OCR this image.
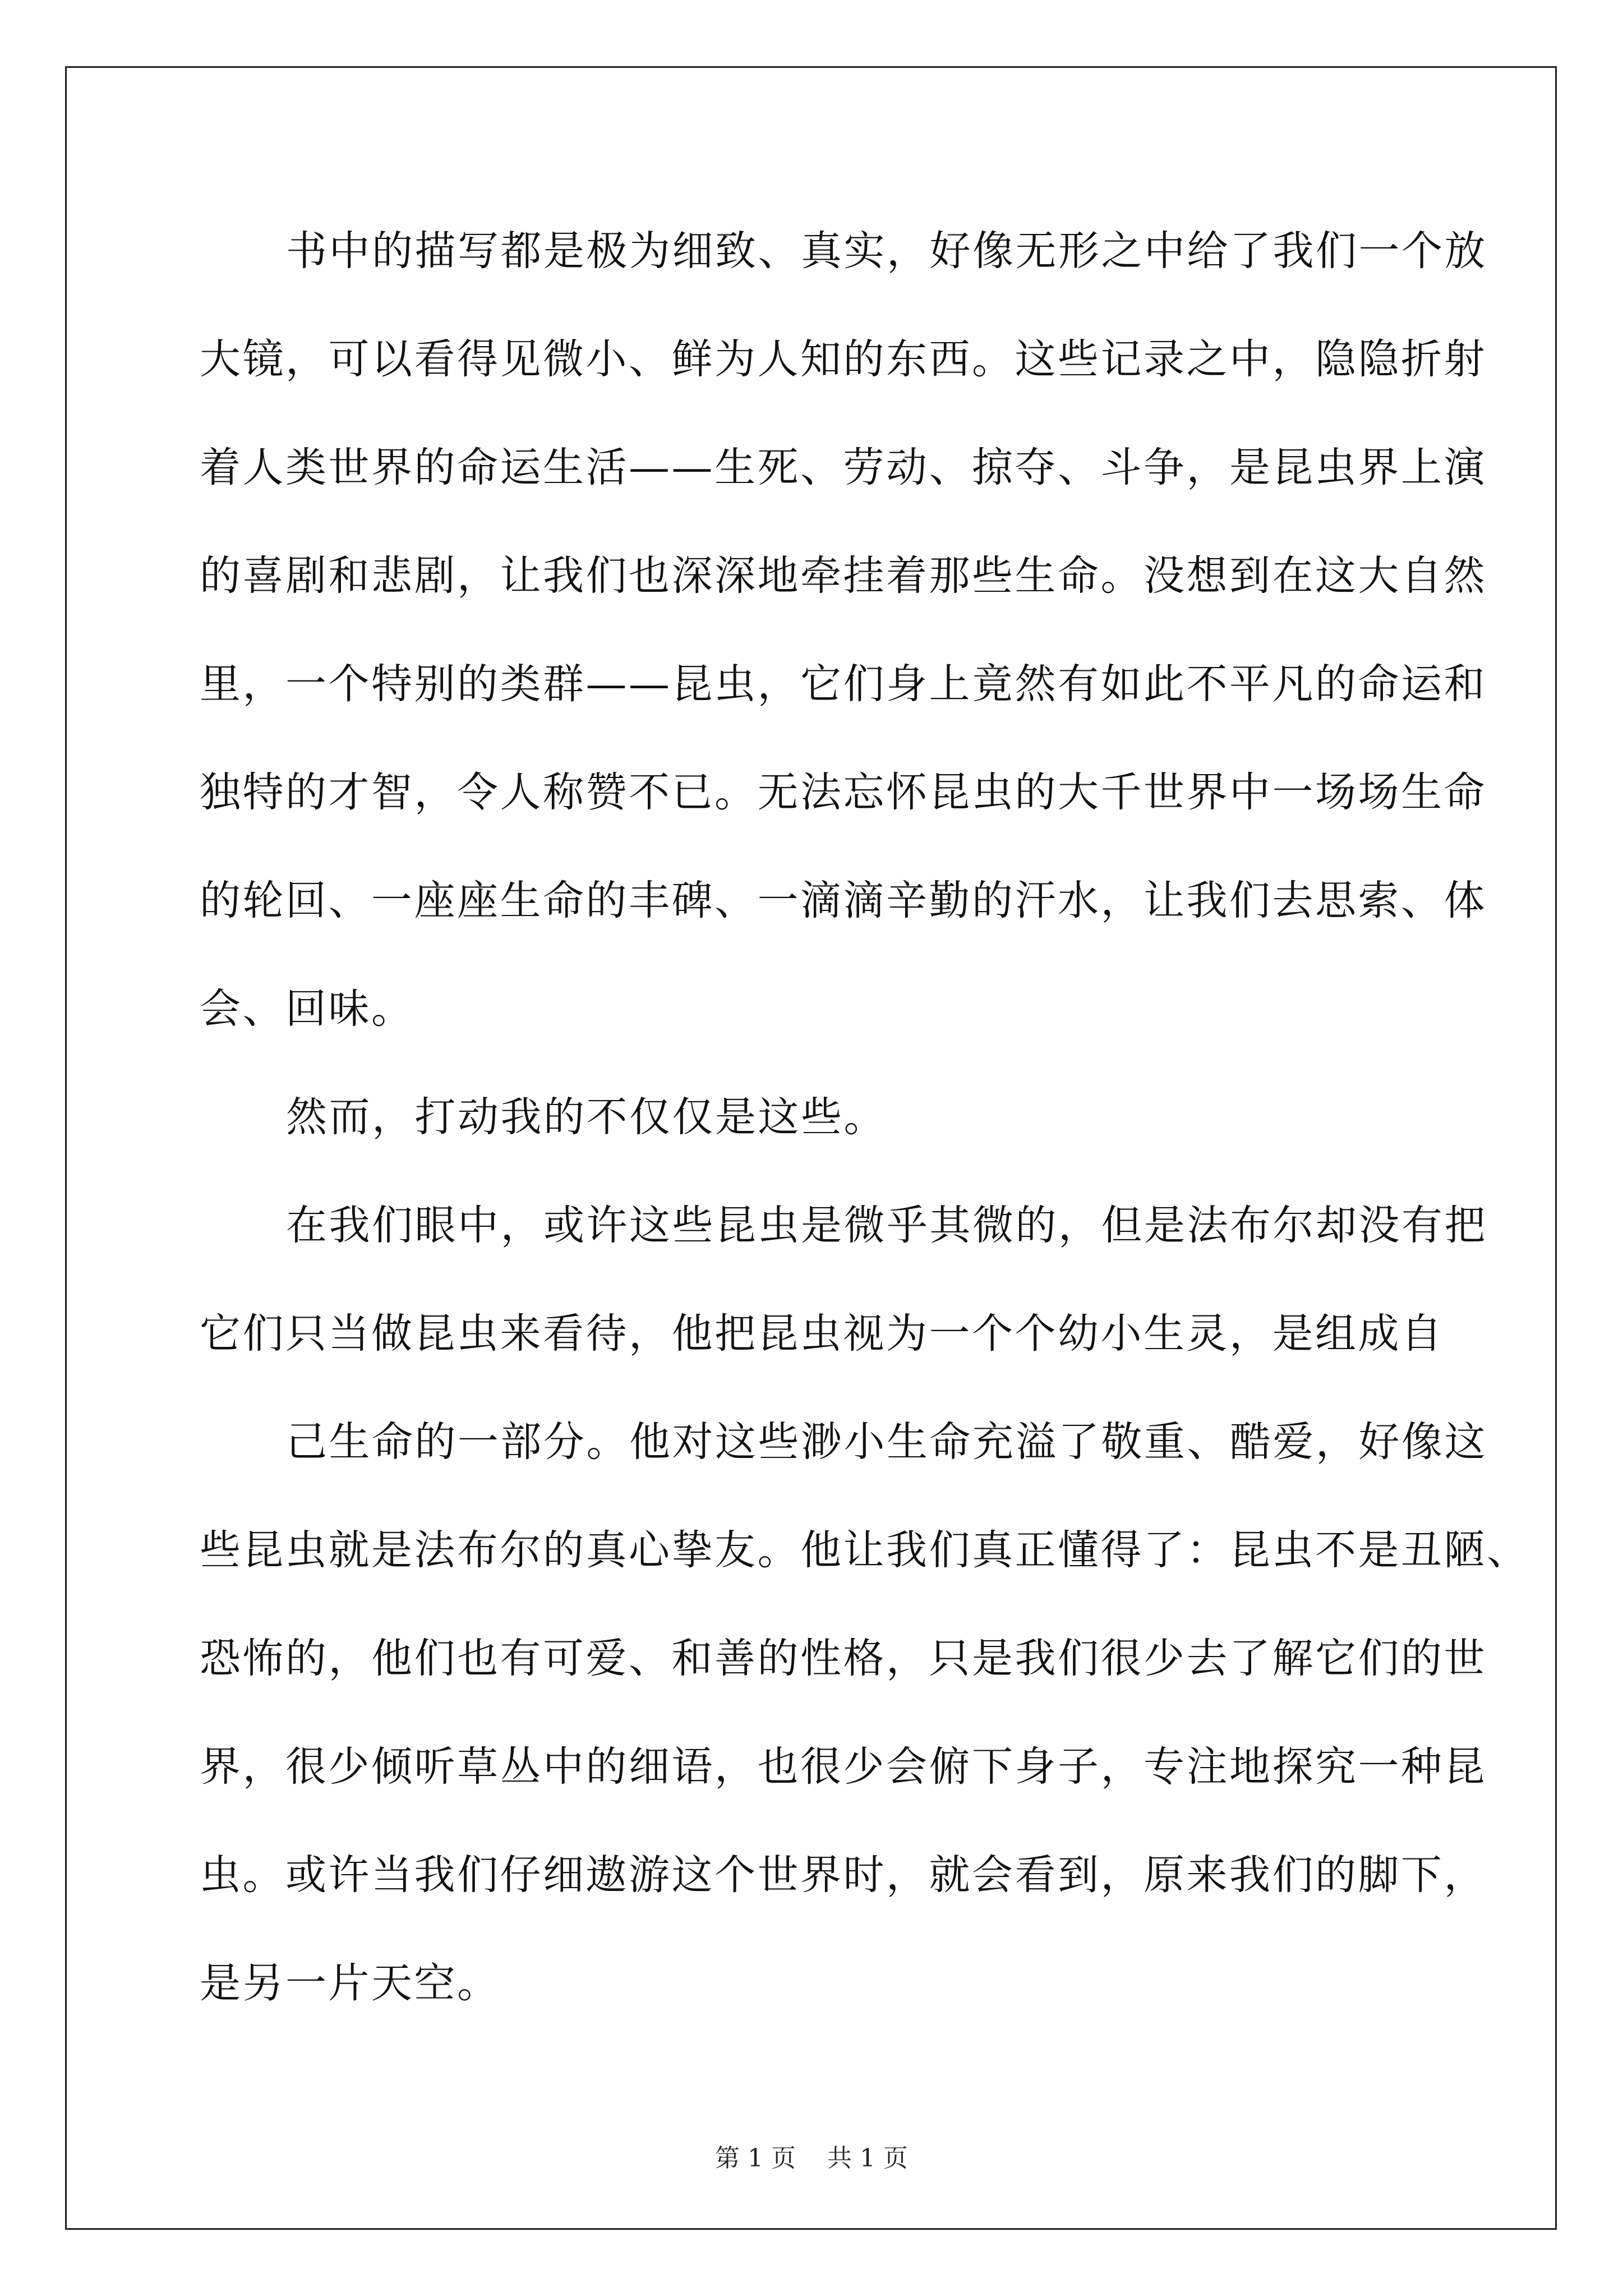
书中的描写都是极为细致、真实，好像无形之中给了我们一个放
大镜，可以看得见微小、鲜为人知的东西。这些记录之中，隐隐折射
着人类世界的命运生活——生死、劳动、掠夺、斗争，是昆虫界上演
的喜剧和悲剧，让我们也深深地牵挂着那些生命。没想到在这大自然
里，一个特别的类群——昆虫，它们身上竟然有如此不平凡的命运和
独特的才智，令人称赞不已。无法忘怀昆虫的大千世界中一场场生命
的轮回、一座座生命的丰碑、一滴滴辛勤的汗水，让我们去思索、体
会、回味。
然而，打动我的不仅仅是这些。
在我们眼中，或许这些昆虫是微乎其微的，但是法布尔却没有把
它们只当做昆虫来看待，他把昆虫视为一个个幼小生灵，是组成自
己生命的一部分。他对这些渺小生命充溢了敬重、酷爱，好像这
些昆虫就是法布尔的真心挚友。他让我们真正懂得了：昆虫不是丑陋、
恐怖的，他们也有可爱、和善的性格，只是我们很少去了解它们的世
界，很少倾听草丛中的细语，也很少会俯下身子，专注地探究一种昆
虫。或许当我们仔细遨游这个世界时，就会看到，原来我们的脚下，
是另一片天空。
第 1 页    共 1 页
